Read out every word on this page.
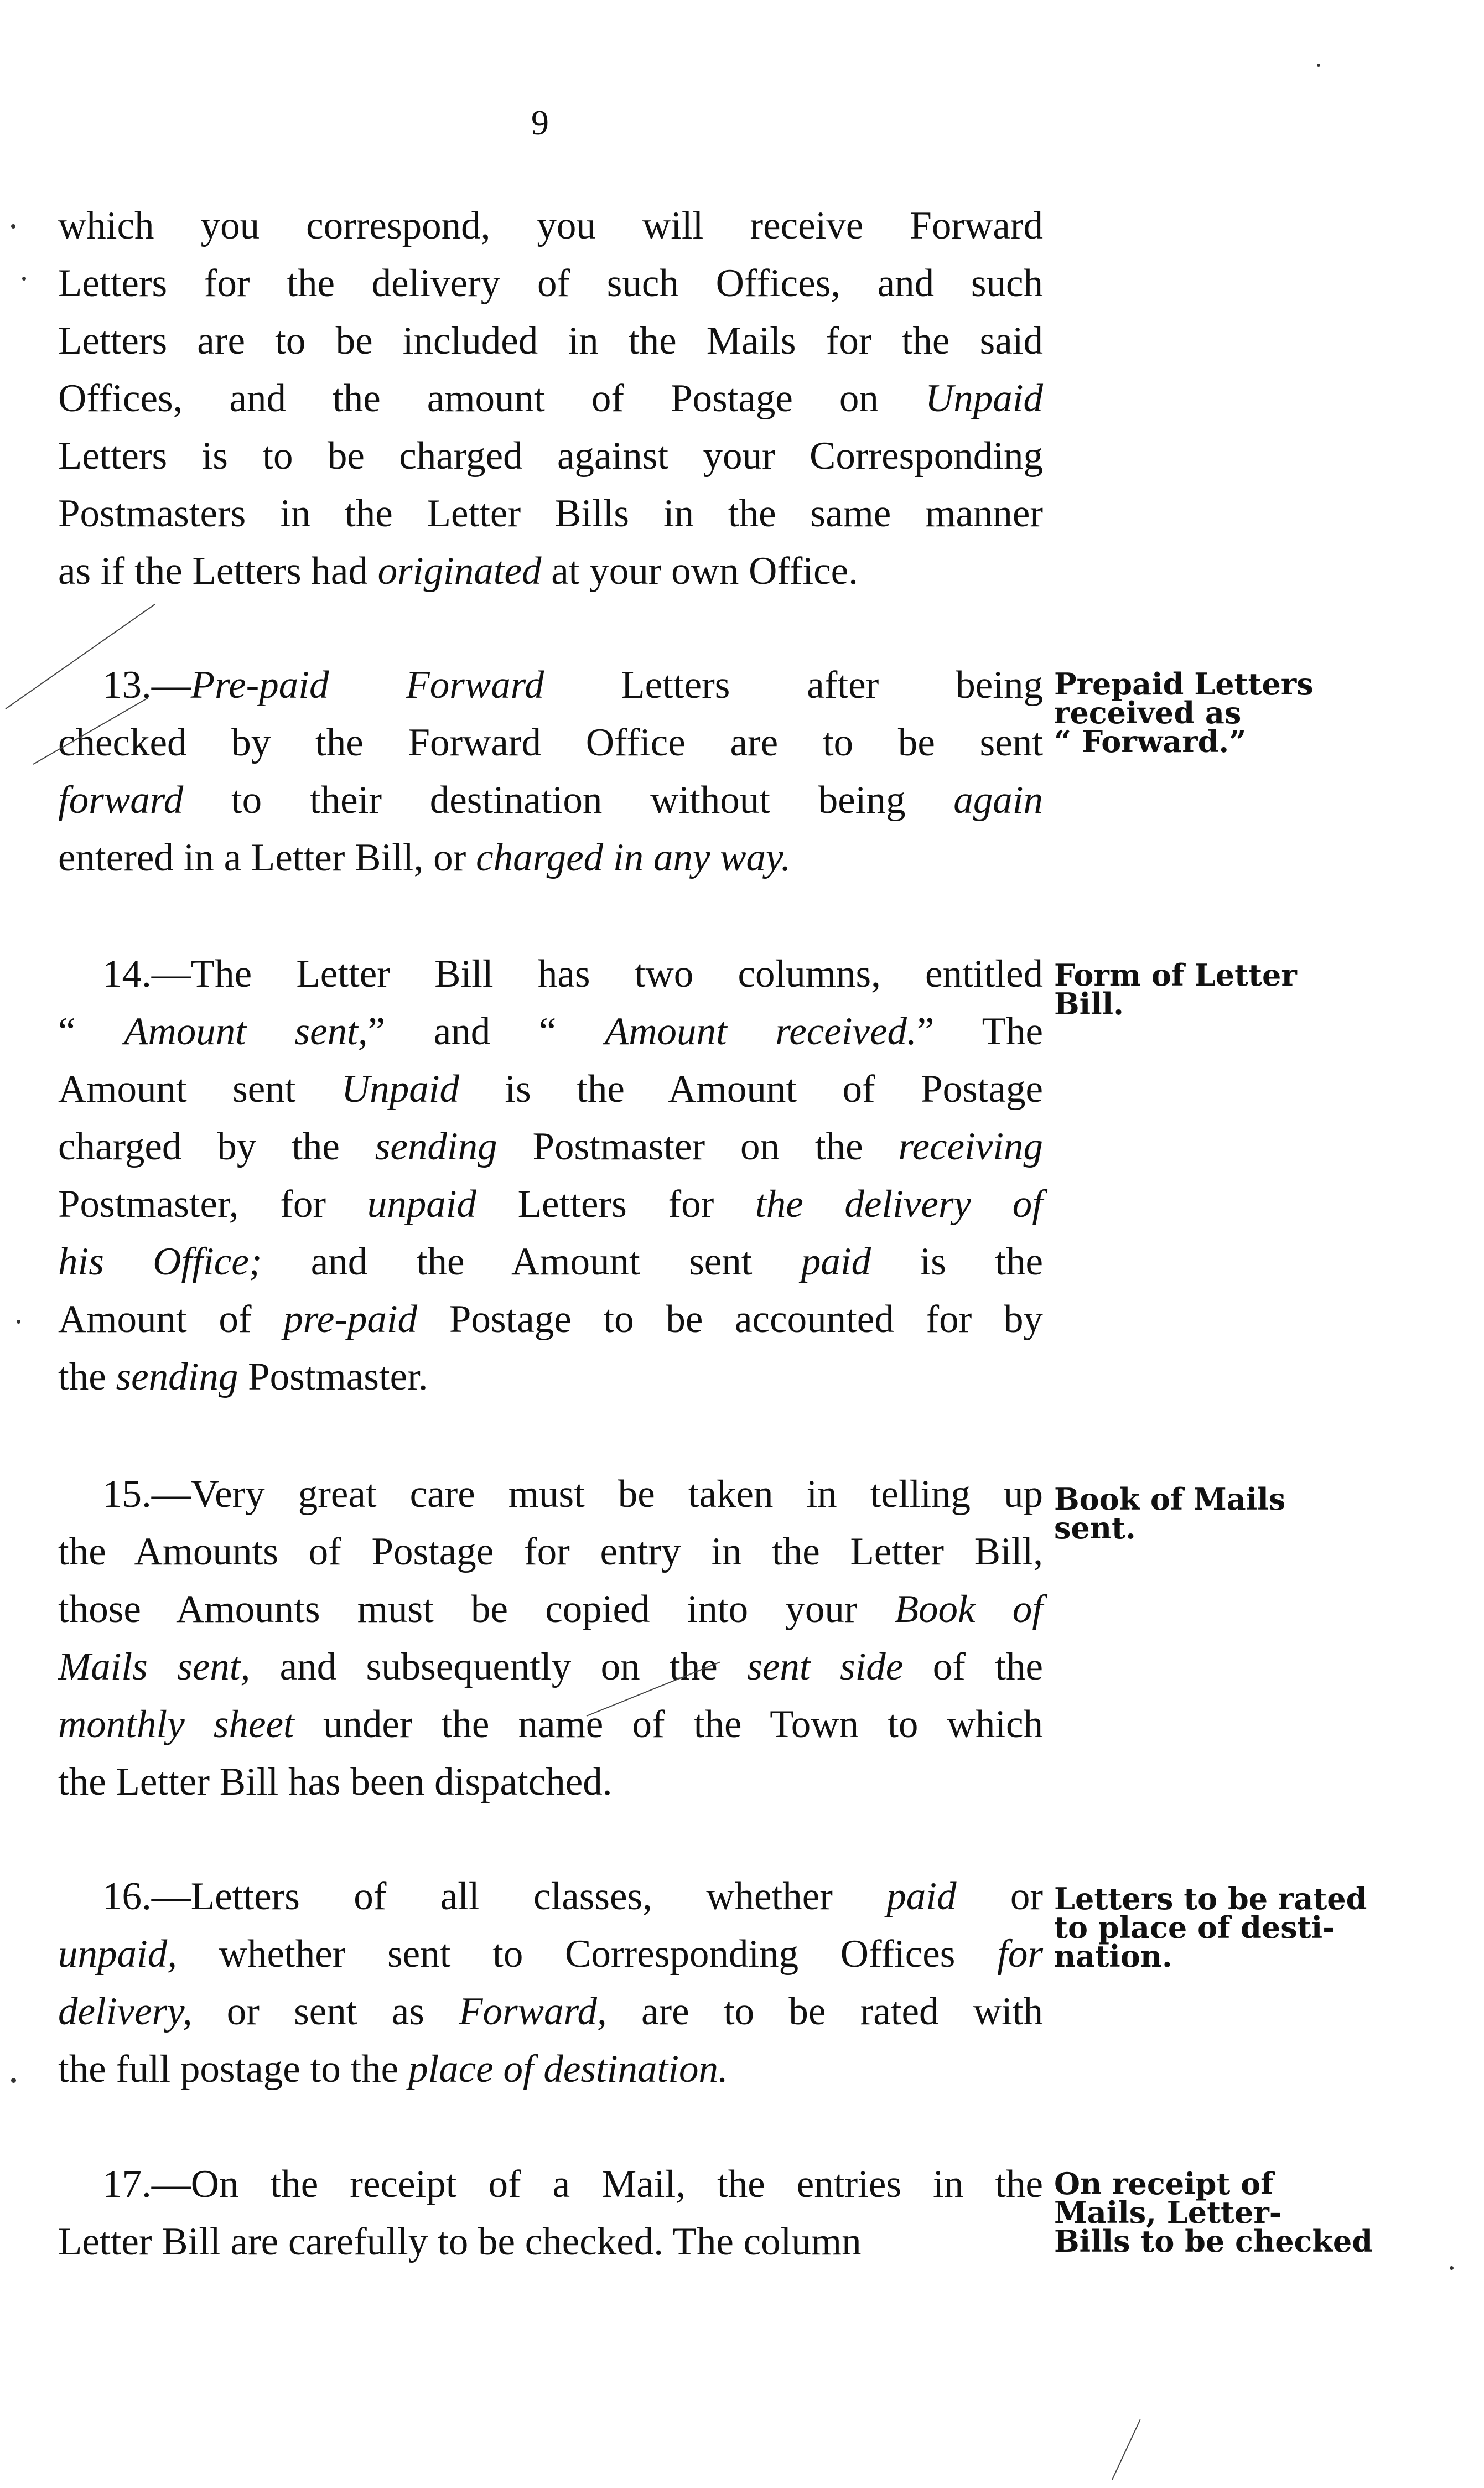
9
which you correspond, you will receive Forward
Letters for the delivery of such Offices, and such
Letters are to be included in the Mails for the said
Offices, and the amount of Postage on Unpaid
Letters is to be charged against your Corresponding
Postmasters in the Letter Bills in the same manner
as if the Letters had originated at your own Office.
13.—Pre-paid Forward Letters after being
checked by the Forward Office are to be sent
forward to their destination without being again
entered in a Letter Bill, or charged in any way.
14.—The Letter Bill has two columns, entitled
“ Amount sent,” and “ Amount received.” The
Amount sent Unpaid is the Amount of Postage
charged by the sending Postmaster on the receiving
Postmaster, for unpaid Letters for the delivery of
his Office; and the Amount sent paid is the
Amount of pre-paid Postage to be accounted for by
the sending Postmaster.
15.—Very great care must be taken in telling up
the Amounts of Postage for entry in the Letter Bill,
those Amounts must be copied into your Book of
Mails sent, and subsequently on the sent side of the
monthly sheet under the name of the Town to which
the Letter Bill has been dispatched.
16.—Letters of all classes, whether paid or
unpaid, whether sent to Corresponding Offices for
delivery, or sent as Forward, are to be rated with
the full postage to the place of destination.
17.—On the receipt of a Mail, the entries in the
Letter Bill are carefully to be checked. The column
Prepaid Letters
received as
“ Forward.”
Form of Letter
Bill.
Book of Mails
sent.
Letters to be rated
to place of desti-
nation.
On receipt of
Mails, Letter-
Bills to be checked
